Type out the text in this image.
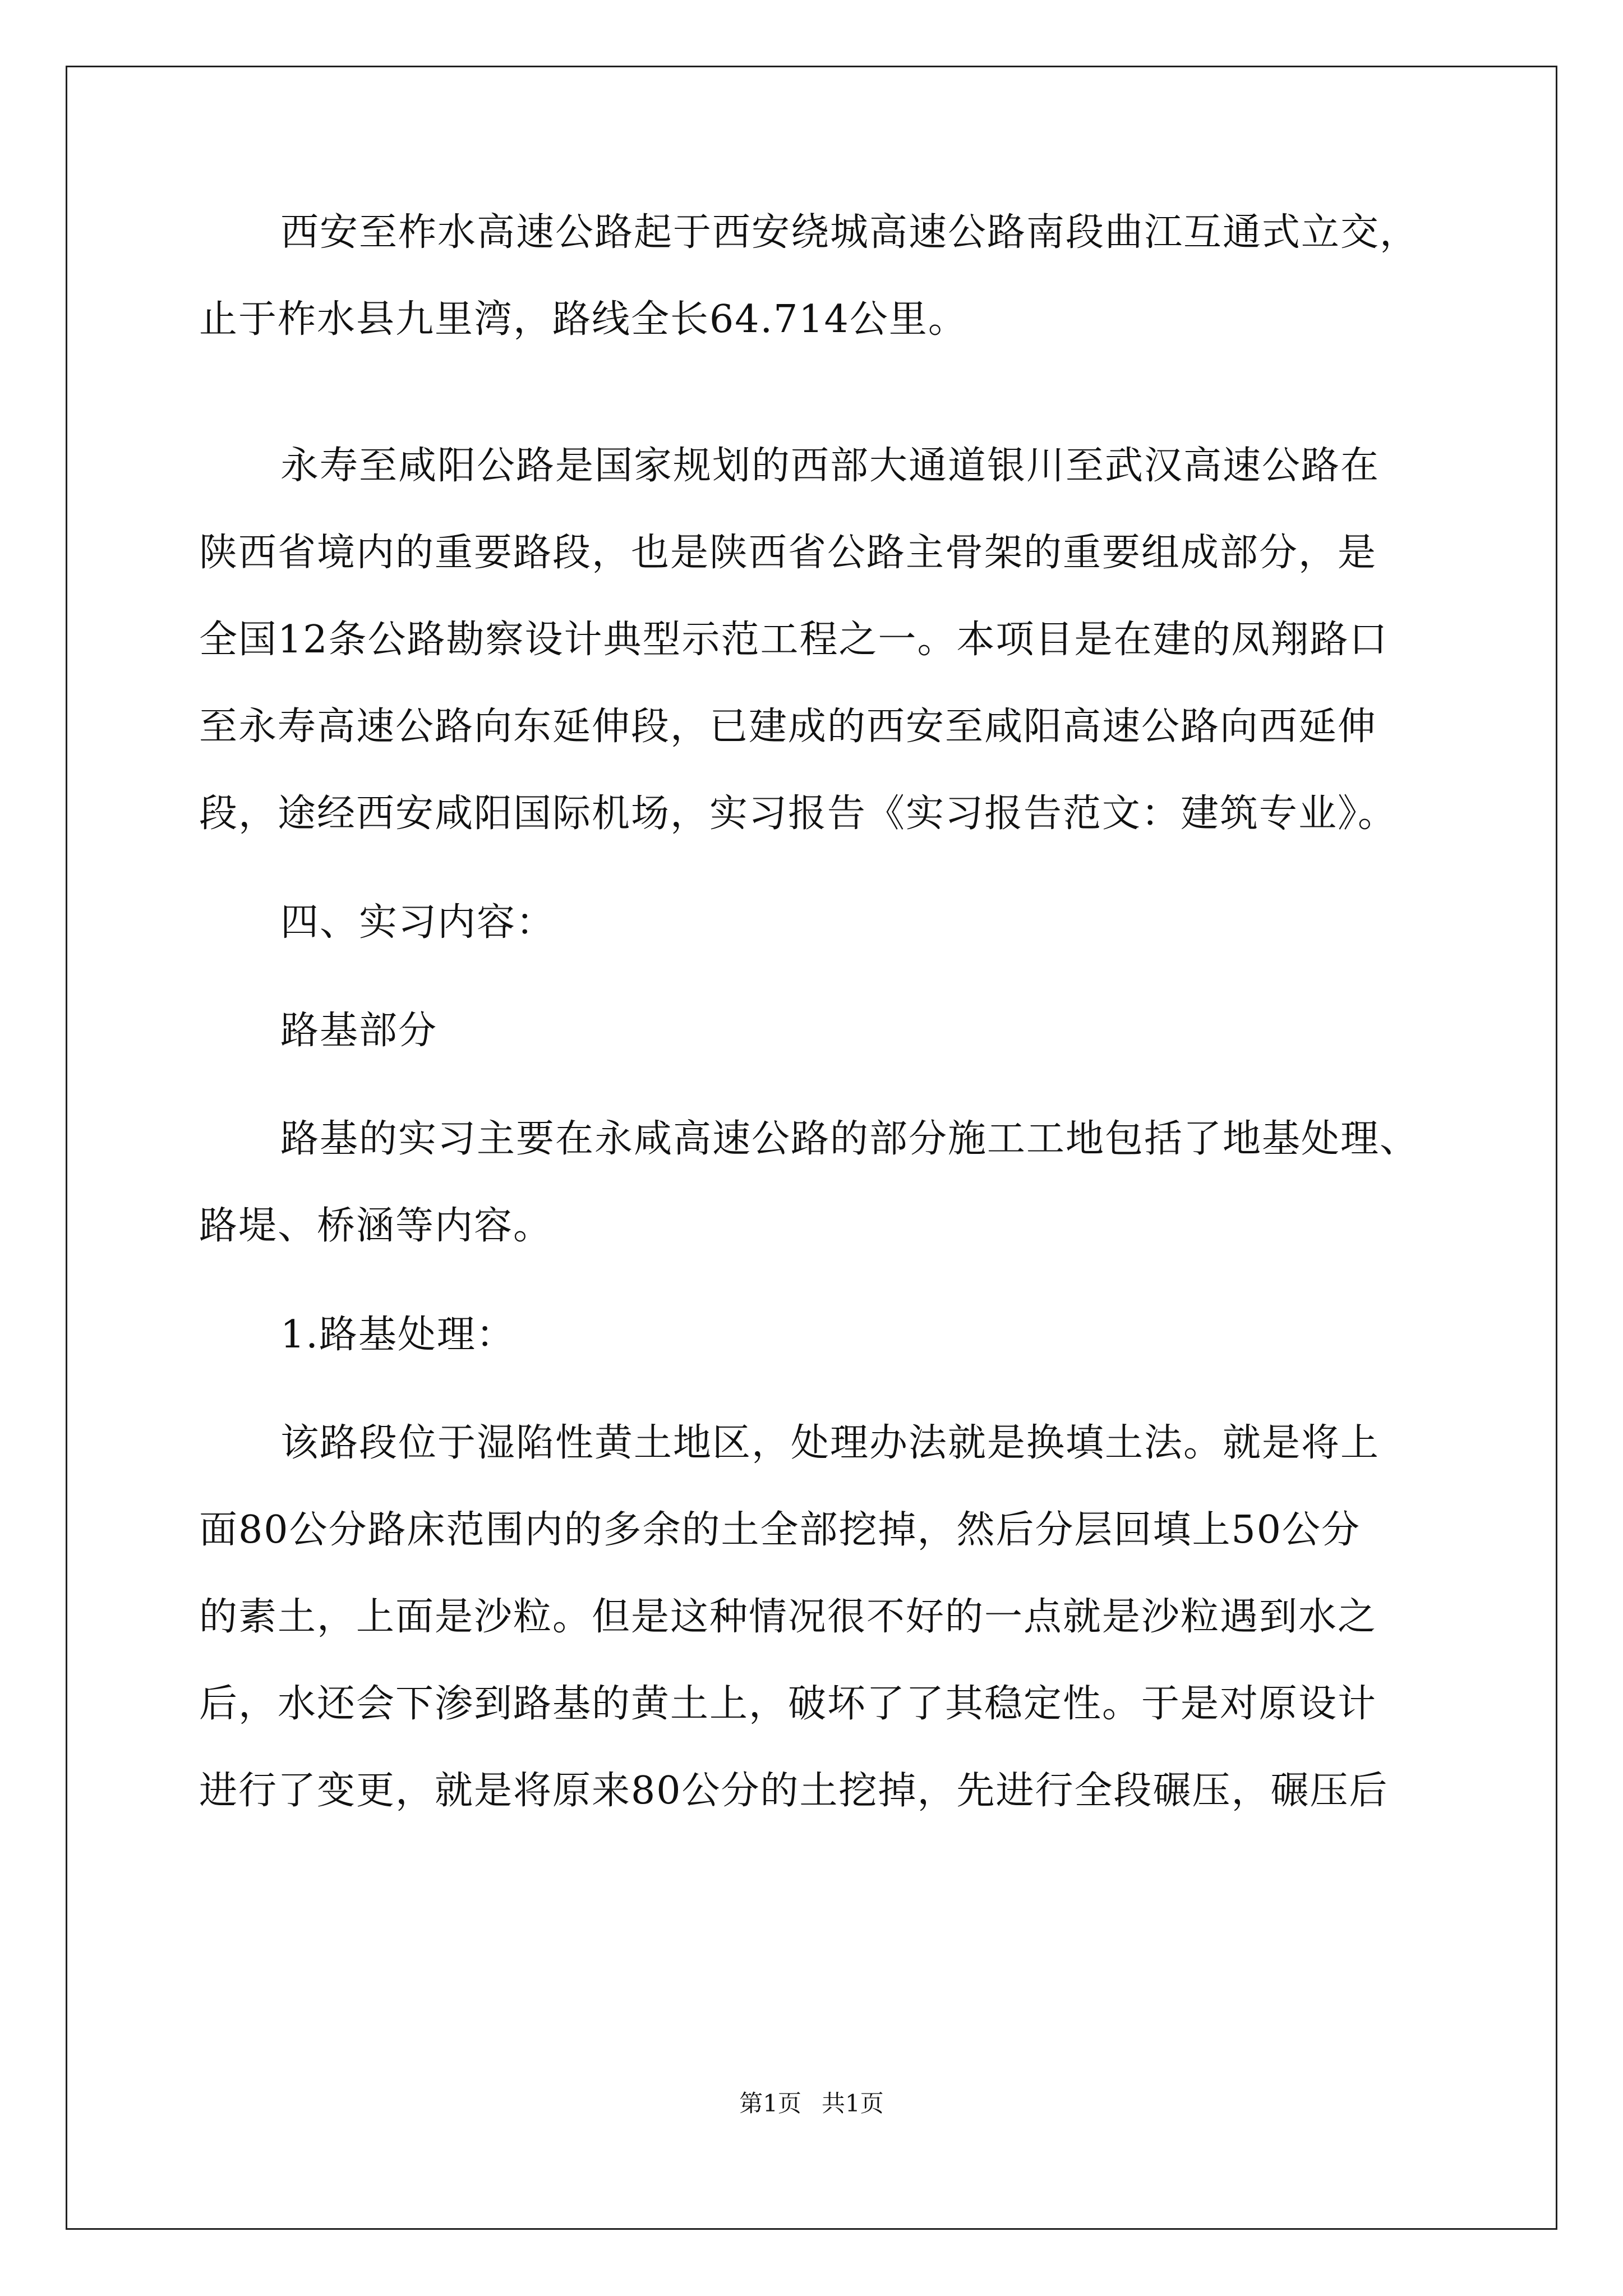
西安至柞水高速公路起于西安绕城高速公路南段曲江互通式立交，
止于柞水县九里湾，路线全长64.714公里。
永寿至咸阳公路是国家规划的西部大通道银川至武汉高速公路在
陕西省境内的重要路段，也是陕西省公路主骨架的重要组成部分，是
全国12条公路勘察设计典型示范工程之一。本项目是在建的凤翔路口
至永寿高速公路向东延伸段，已建成的西安至咸阳高速公路向西延伸
段，途经西安咸阳国际机场，实习报告《实习报告范文：建筑专业》。
四、实习内容：
路基部分
路基的实习主要在永咸高速公路的部分施工工地包括了地基处理、
路堤、桥涵等内容。
1.路基处理：
该路段位于湿陷性黄土地区，处理办法就是换填土法。就是将上
面80公分路床范围内的多余的土全部挖掉，然后分层回填上50公分
的素土，上面是沙粒。但是这种情况很不好的一点就是沙粒遇到水之
后，水还会下渗到路基的黄土上，破坏了了其稳定性。于是对原设计
进行了变更，就是将原来80公分的土挖掉，先进行全段碾压，碾压后
第1页 共1页
